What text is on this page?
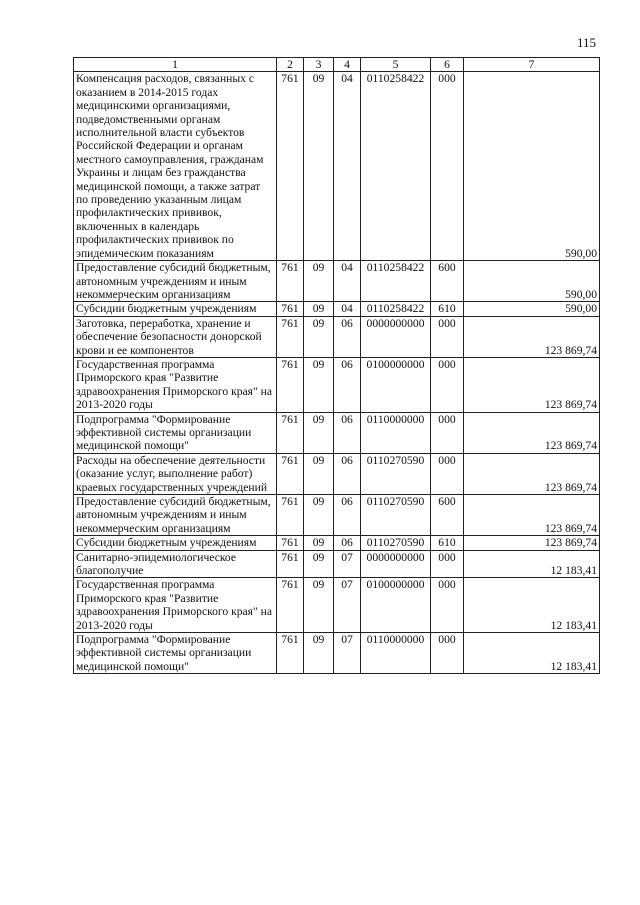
115
1	2	3	4	5	6	7
Компенсация расходов, связанных с оказанием в 2014-2015 годах медицинскими организациями, подведомственными органам исполнительной власти субъектов Российской Федерации и органам местного самоуправления, гражданам Украины и лицам без гражданства медицинской помощи, а также затрат по проведению указанным лицам профилактических прививок, включенных в календарь профилактических прививок по эпидемическим показаниям	761	09	04	0110258422	000	590,00
Предоставление субсидий бюджетным, автономным учреждениям и иным некоммерческим организациям	761	09	04	0110258422	600	590,00
Субсидии бюджетным учреждениям	761	09	04	0110258422	610	590,00
Заготовка, переработка, хранение и обеспечение безопасности донорской крови и ее компонентов	761	09	06	0000000000	000	123 869,74
Государственная программа Приморского края "Развитие здравоохранения Приморского края" на 2013-2020 годы	761	09	06	0100000000	000	123 869,74
Подпрограмма "Формирование эффективной системы организации медицинской помощи"	761	09	06	0110000000	000	123 869,74
Расходы на обеспечение деятельности (оказание услуг, выполнение работ) краевых государственных учреждений	761	09	06	0110270590	000	123 869,74
Предоставление субсидий бюджетным, автономным учреждениям и иным некоммерческим организациям	761	09	06	0110270590	600	123 869,74
Субсидии бюджетным учреждениям	761	09	06	0110270590	610	123 869,74
Санитарно-эпидемиологическое благополучие	761	09	07	0000000000	000	12 183,41
Государственная программа Приморского края "Развитие здравоохранения Приморского края" на 2013-2020 годы	761	09	07	0100000000	000	12 183,41
Подпрограмма "Формирование эффективной системы организации медицинской помощи"	761	09	07	0110000000	000	12 183,41
